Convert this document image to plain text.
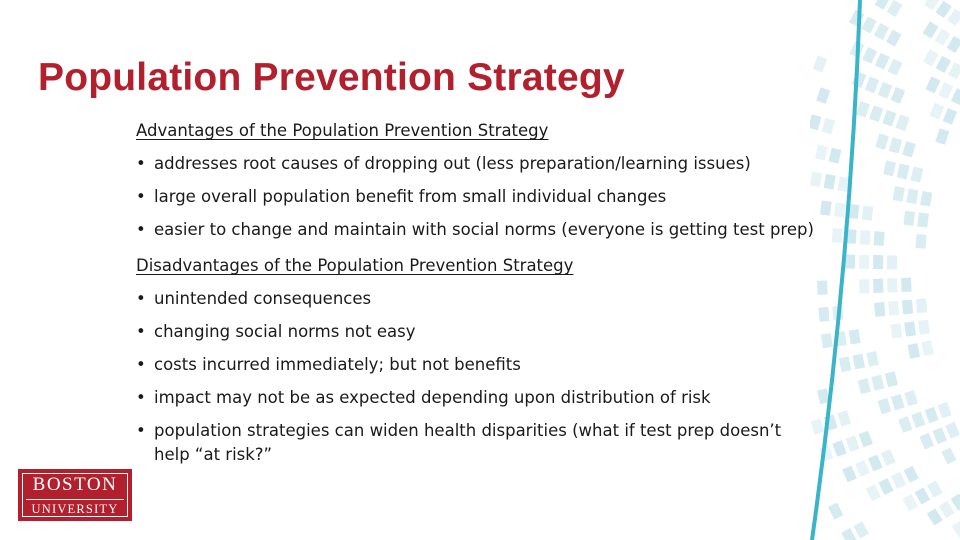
Population Prevention Strategy

Advantages of the Population Prevention Strategy

• addresses root causes of dropping out (less preparation/learning issues)
• large overall population benefit from small individual changes
• easier to change and maintain with social norms (everyone is getting test prep)

Disadvantages of the Population Prevention Strategy

• unintended consequences
• changing social norms not easy
• costs incurred immediately; but not benefits
• impact may not be as expected depending upon distribution of risk
• population strategies can widen health disparities (what if test prep doesn’t help “at risk?”
BOSTON
UNIVERSITY
